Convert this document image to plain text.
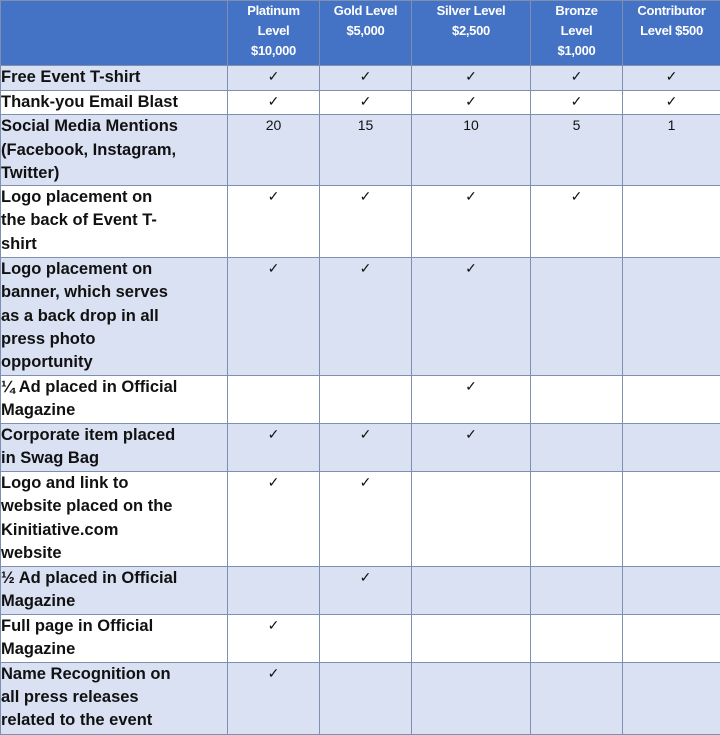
	Platinum
Level
$10,000	Gold Level
$5,000	Silver Level
$2,500	Bronze
Level
$1,000	Contributor
Level $500
Free Event T-shirt	✓	✓	✓	✓	✓
Thank-you Email Blast	✓	✓	✓	✓	✓
Social Media Mentions
(Facebook, Instagram,
Twitter)	20	15	10	5	1
Logo placement on
the back of Event T-
shirt	✓	✓	✓	✓	
Logo placement on
banner, which serves
as a back drop in all
press photo
opportunity	✓	✓	✓		
¼ Ad placed in Official
Magazine			✓		
Corporate item placed
in Swag Bag	✓	✓	✓		
Logo and link to
website placed on the
Kinitiative.com
website	✓	✓			
½ Ad placed in Official
Magazine		✓			
Full page in Official
Magazine	✓				
Name Recognition on
all press releases
related to the event	✓				
